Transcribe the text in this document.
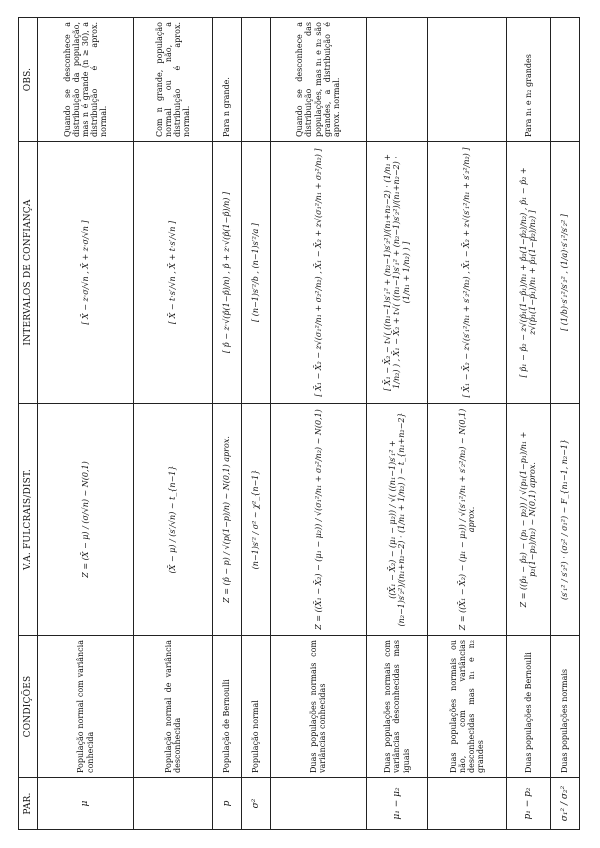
PAR.	CONDIÇÕES	V.A. FULCRAIS/DIST.	INTERVALOS DE CONFIANÇA	OBS.
μ	População normal com variância conhecida	Z = (X̄ − μ) / (σ/√n) ∼ N(0,1)	[ X̄ − z·σ/√n , X̄ + z·σ/√n ]	Quando se desconhece a distribuição da população, mas n é grande (n ≥ 30), a distribuição é aprox. normal.
	População normal de variância desconhecida	(X̄ − μ) / (s′/√n) ∼ t_{n−1}	[ X̄ − t·s′/√n , X̄ + t·s′/√n ]	Com n grande, população normal ou não, a distribuição é aprox. normal.
p	População de Bernoulli	Z = (p̂ − p) / √(p(1−p)/n) ∼ N(0,1) aprox.	[ p̂ − z·√(p̂(1−p̂)/n) , p̂ + z·√(p̂(1−p̂)/n) ]	Para n grande.
σ²	População normal	(n−1)s′² / σ² ∼ χ²_{n−1}	[ (n−1)s′²/b , (n−1)s′²/a ]	
	Duas populações normais com variâncias conhecidas	Z = ((X̄₁ − X̄₂) − (μ₁ − μ₂)) / √(σ₁²/n₁ + σ₂²/n₂) ∼ N(0,1)	[ X̄₁ − X̄₂ − z√(σ₁²/n₁ + σ₂²/n₂) , X̄₁ − X̄₂ + z√(σ₁²/n₁ + σ₂²/n₂) ]	Quando se desconhece a distribuição das populações, mas n₁ e n₂ são grandes, a distribuição é aprox. normal.
μ₁ − μ₂	Duas populações normais com variâncias desconhecidas mas iguais	((X̄₁ − X̄₂) − (μ₁ − μ₂)) / √( ((n₁−1)s′₁² + (n₂−1)s′₂²)/(n₁+n₂−2) · (1/n₁ + 1/n₂) ) ∼ t_{n₁+n₂−2}	[ X̄₁ − X̄₂ − t√( ((n₁−1)s′₁² + (n₂−1)s′₂²)/(n₁+n₂−2) · (1/n₁ + 1/n₂) ) , X̄₁ − X̄₂ + t√( ((n₁−1)s′₁² + (n₂−1)s′₂²)/(n₁+n₂−2) · (1/n₁ + 1/n₂) ) ]	
	Duas populações normais ou não, com variâncias desconhecidas mas n₁ e n₂ grandes	Z = ((X̄₁ − X̄₂) − (μ₁ − μ₂)) / √(s′₁²/n₁ + s′₂²/n₂) ∼ N(0,1) aprox.	[ X̄₁ − X̄₂ − z√(s′₁²/n₁ + s′₂²/n₂) , X̄₁ − X̄₂ + z√(s′₁²/n₁ + s′₂²/n₂) ]	
p₁ − p₂	Duas populações de Bernoulli	Z = ((p̂₁ − p̂₂) − (p₁ − p₂)) / √(p₁(1−p₁)/n₁ + p₂(1−p₂)/n₂) ∼ N(0,1) aprox.	[ p̂₁ − p̂₂ − z√(p̂₁(1−p̂₁)/n₁ + p̂₂(1−p̂₂)/n₂) , p̂₁ − p̂₂ + z√(p̂₁(1−p̂₁)/n₁ + p̂₂(1−p̂₂)/n₂) ]	Para n₁ e n₂ grandes
σ₁² / σ₂²	Duas populações normais	(s′₁² / s′₂²) · (σ₂² / σ₁²) ∼ F_{n₁−1, n₂−1}	[ (1/b)·s′₁²/s′₂² , (1/a)·s′₁²/s′₂² ]	
